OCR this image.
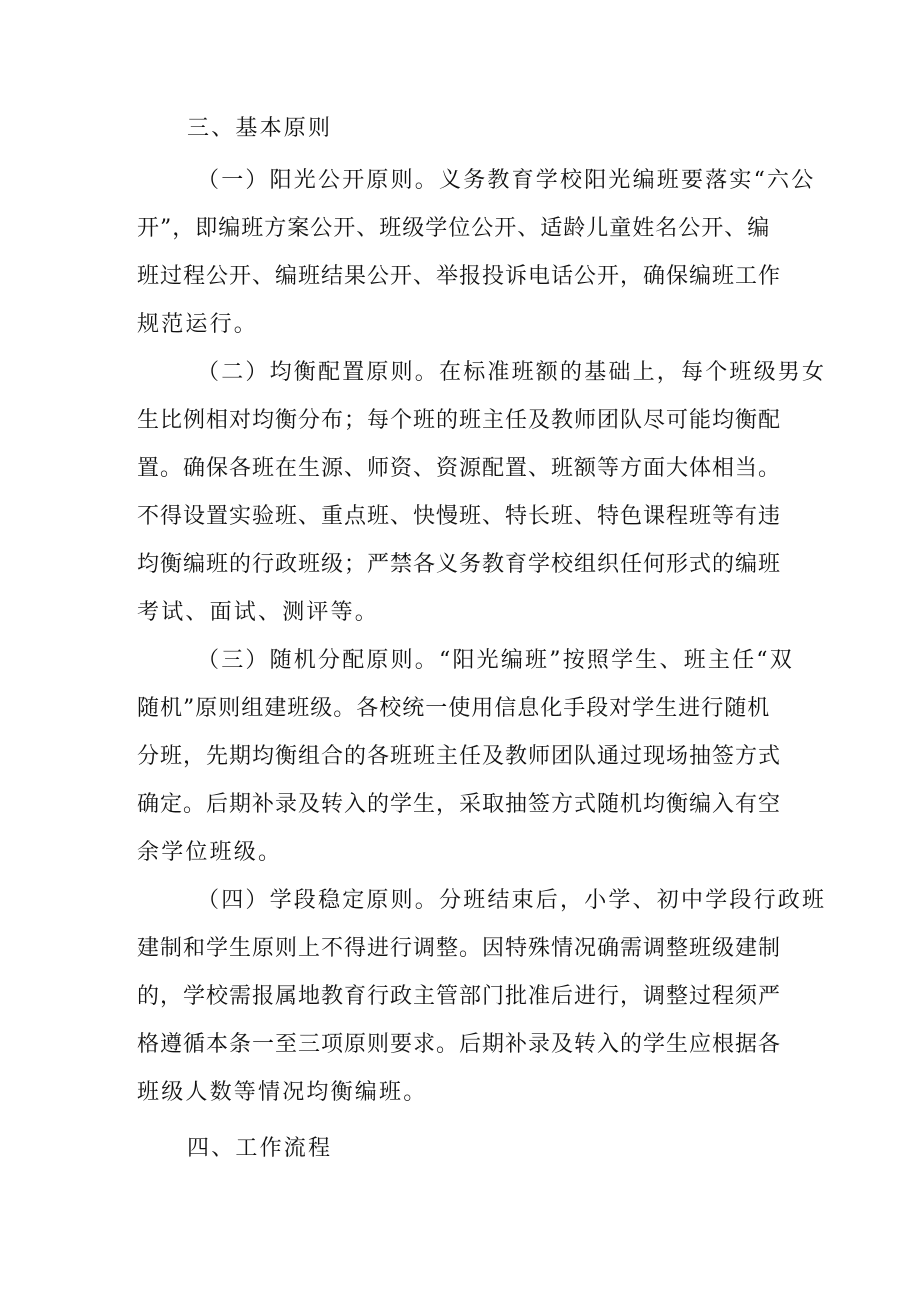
三、基本原则
（一）阳光公开原则。义务教育学校阳光编班要落实“六公
开”，即编班方案公开、班级学位公开、适龄儿童姓名公开、编
班过程公开、编班结果公开、举报投诉电话公开，确保编班工作
规范运行。
（二）均衡配置原则。在标准班额的基础上，每个班级男女
生比例相对均衡分布；每个班的班主任及教师团队尽可能均衡配
置。确保各班在生源、师资、资源配置、班额等方面大体相当。
不得设置实验班、重点班、快慢班、特长班、特色课程班等有违
均衡编班的行政班级；严禁各义务教育学校组织任何形式的编班
考试、面试、测评等。
（三）随机分配原则。“阳光编班”按照学生、班主任“双
随机”原则组建班级。各校统一使用信息化手段对学生进行随机
分班，先期均衡组合的各班班主任及教师团队通过现场抽签方式
确定。后期补录及转入的学生，采取抽签方式随机均衡编入有空
余学位班级。
（四）学段稳定原则。分班结束后，小学、初中学段行政班
建制和学生原则上不得进行调整。因特殊情况确需调整班级建制
的，学校需报属地教育行政主管部门批准后进行，调整过程须严
格遵循本条一至三项原则要求。后期补录及转入的学生应根据各
班级人数等情况均衡编班。
四、工作流程
